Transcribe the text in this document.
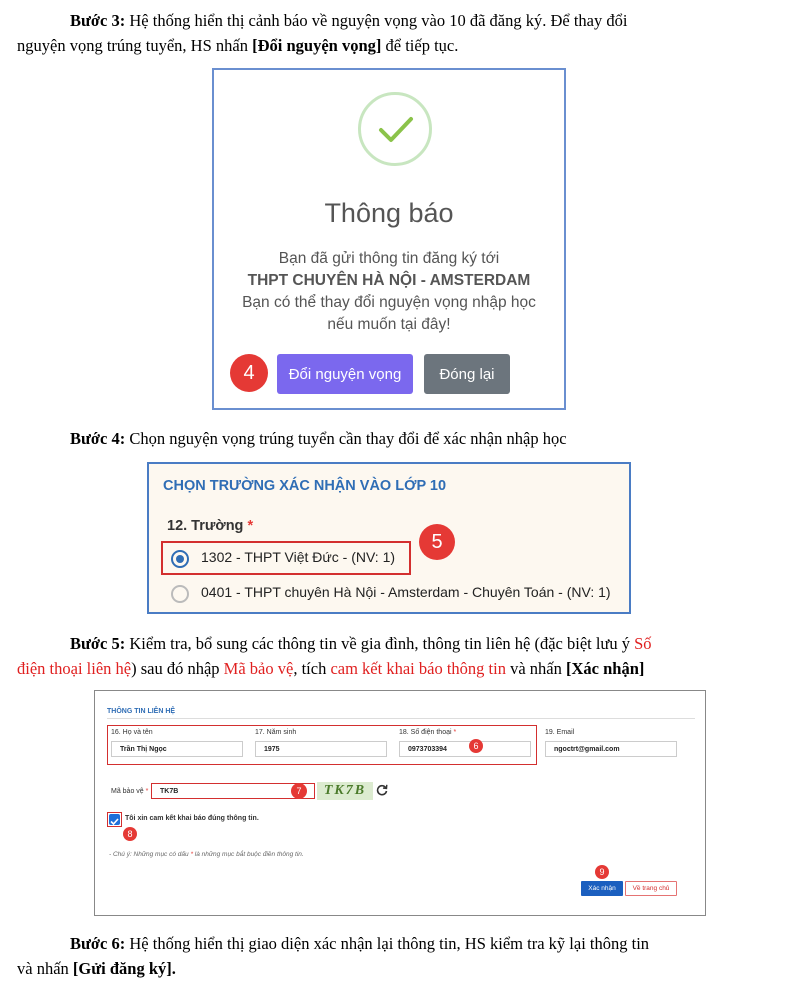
Bước 3: Hệ thống hiển thị cảnh báo về nguyện vọng vào 10 đã đăng ký. Để thay đổi
nguyện vọng trúng tuyển, HS nhấn [Đổi nguyện vọng] để tiếp tục.
Thông báo
Bạn đã gửi thông tin đăng ký tới
THPT CHUYÊN HÀ NỘI - AMSTERDAM
Bạn có thể thay đổi nguyện vọng nhập học
nếu muốn tại đây!
4	Đổi nguyện vọng	Đóng lại
Bước 4: Chọn nguyện vọng trúng tuyển cần thay đổi để xác nhận nhập học
CHỌN TRƯỜNG XÁC NHẬN VÀO LỚP 10
12. Trường *
1302 - THPT Việt Đức - (NV: 1)
5
0401 - THPT chuyên Hà Nội - Amsterdam - Chuyên Toán - (NV: 1)
Bước 5: Kiểm tra, bổ sung các thông tin về gia đình, thông tin liên hệ (đặc biệt lưu ý Số
điện thoại liên hệ) sau đó nhập Mã bảo vệ, tích cam kết khai báo thông tin và nhấn [Xác nhận]
THÔNG TIN LIÊN HỆ
16. Họ và tên
Trần Thị Ngọc
17. Năm sinh
1975
18. Số điện thoại *
0973703394	6
19. Email
ngoctrt@gmail.com
Mã bảo vệ *	TK7B	7	TK7B
Tôi xin cam kết khai báo đúng thông tin.
8
- Chú ý: Những mục có dấu * là những mục bắt buộc điền thông tin.
9
Xác nhận	Về trang chủ
Bước 6: Hệ thống hiển thị giao diện xác nhận lại thông tin, HS kiểm tra kỹ lại thông tin
và nhấn [Gửi đăng ký].
